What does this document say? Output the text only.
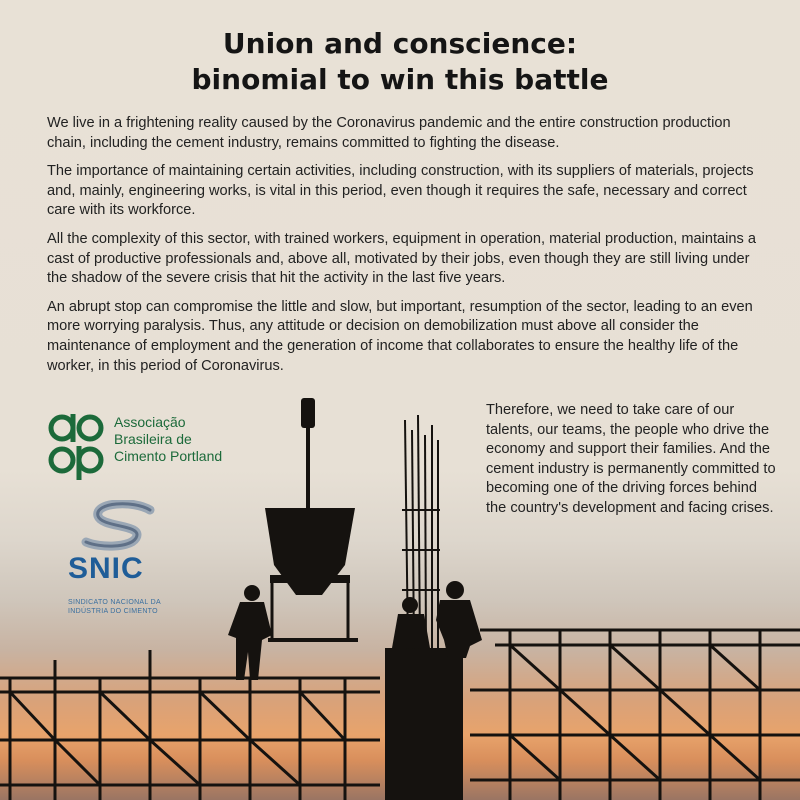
Union and conscience:
binomial to win this battle

We live in a frightening reality caused by the Coronavirus pandemic and the entire construction production chain, including the cement industry, remains committed to fighting the disease.

The importance of maintaining certain activities, including construction, with its suppliers of materials, projects and, mainly, engineering works, is vital in this period, even though it requires the safe, necessary and correct care with its workforce.

All the complexity of this sector, with trained workers, equipment in operation, material production, maintains a cast of productive professionals and, above all, motivated by their jobs, even though they are still living under the shadow of the severe crisis that hit the activity in the last five years.

An abrupt stop can compromise the little and slow, but important, resumption of the sector, leading to an even more worrying paralysis. Thus, any attitude or decision on demobilization must above all consider the maintenance of employment and the generation of income that collaborates to ensure the healthy life of the worker, in this period of Coronavirus.

Therefore, we need to take care of our talents, our teams, the people who drive the economy and support their families. And the cement industry is permanently committed to becoming one of the driving forces behind the country's development and facing crises.
Associação
Brasileira de
Cimento Portland
SNIC
SINDICATO NACIONAL DA
INDÚSTRIA DO CIMENTO
